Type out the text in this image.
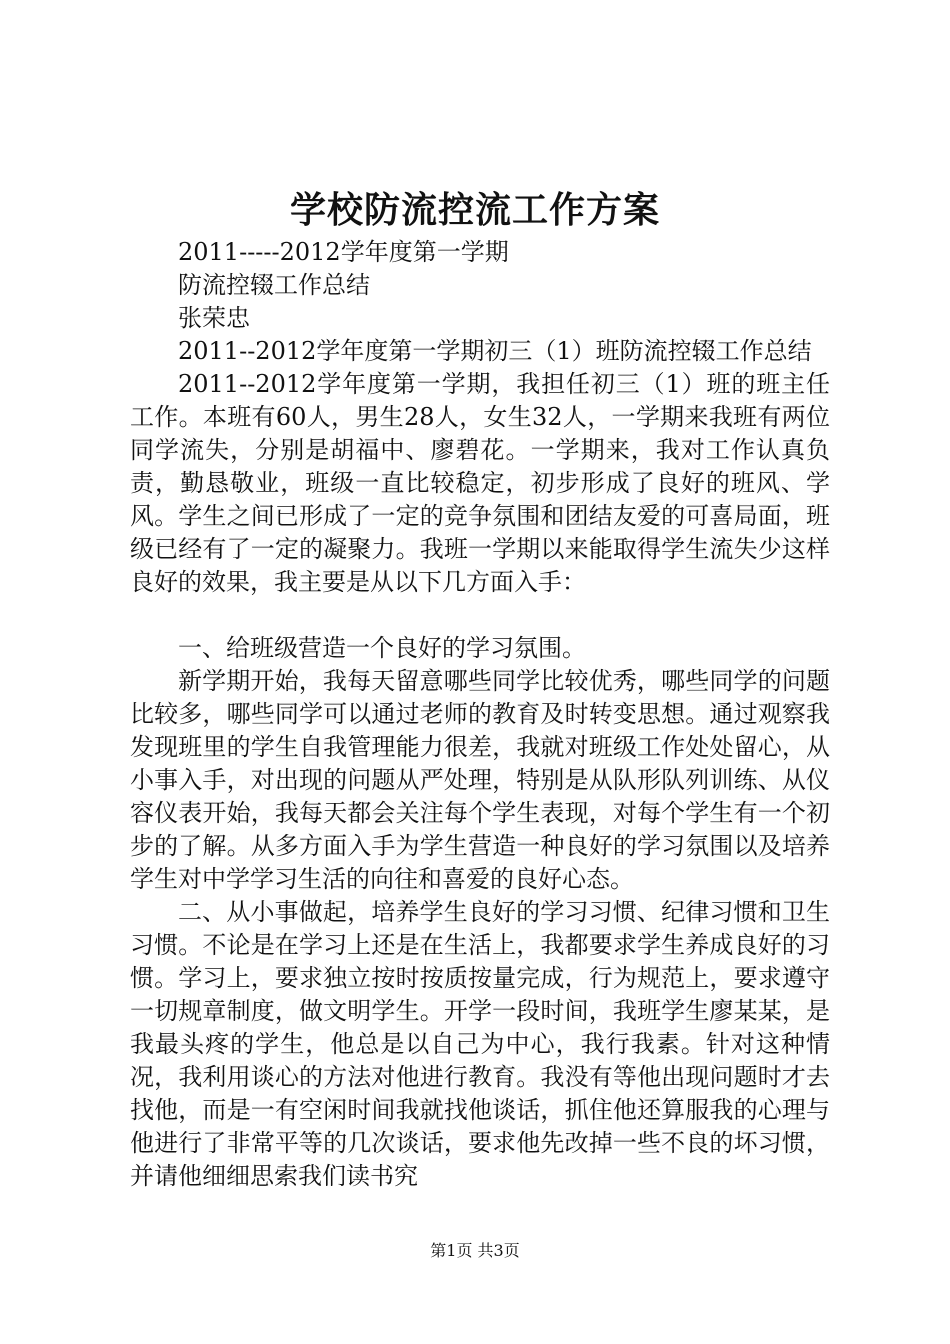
学校防流控流工作方案

2011-----2012学年度第一学期

防流控辍工作总结

张荣忠

2011--2012学年度第一学期初三（1）班防流控辍工作总结

2011--2012学年度第一学期，我担任初三（1）班的班主任工作。本班有60人，男生28人，女生32人，一学期来我班有两位同学流失，分别是胡福中、廖碧花。一学期来，我对工作认真负责，勤恳敬业，班级一直比较稳定，初步形成了良好的班风、学风。学生之间已形成了一定的竞争氛围和团结友爱的可喜局面，班级已经有了一定的凝聚力。我班一学期以来能取得学生流失少这样良好的效果，我主要是从以下几方面入手：

一、给班级营造一个良好的学习氛围。

新学期开始，我每天留意哪些同学比较优秀，哪些同学的问题比较多，哪些同学可以通过老师的教育及时转变思想。通过观察我发现班里的学生自我管理能力很差，我就对班级工作处处留心，从小事入手，对出现的问题从严处理，特别是从队形队列训练、从仪容仪表开始，我每天都会关注每个学生表现，对每个学生有一个初步的了解。从多方面入手为学生营造一种良好的学习氛围以及培养学生对中学学习生活的向往和喜爱的良好心态。

二、从小事做起，培养学生良好的学习习惯、纪律习惯和卫生习惯。不论是在学习上还是在生活上，我都要求学生养成良好的习惯。学习上，要求独立按时按质按量完成，行为规范上，要求遵守一切规章制度，做文明学生。开学一段时间，我班学生廖某某，是我最头疼的学生，他总是以自己为中心，我行我素。针对这种情况，我利用谈心的方法对他进行教育。我没有等他出现问题时才去找他，而是一有空闲时间我就找他谈话，抓住他还算服我的心理与他进行了非常平等的几次谈话，要求他先改掉一些不良的坏习惯，并请他细细思索我们读书究

第1页 共3页
